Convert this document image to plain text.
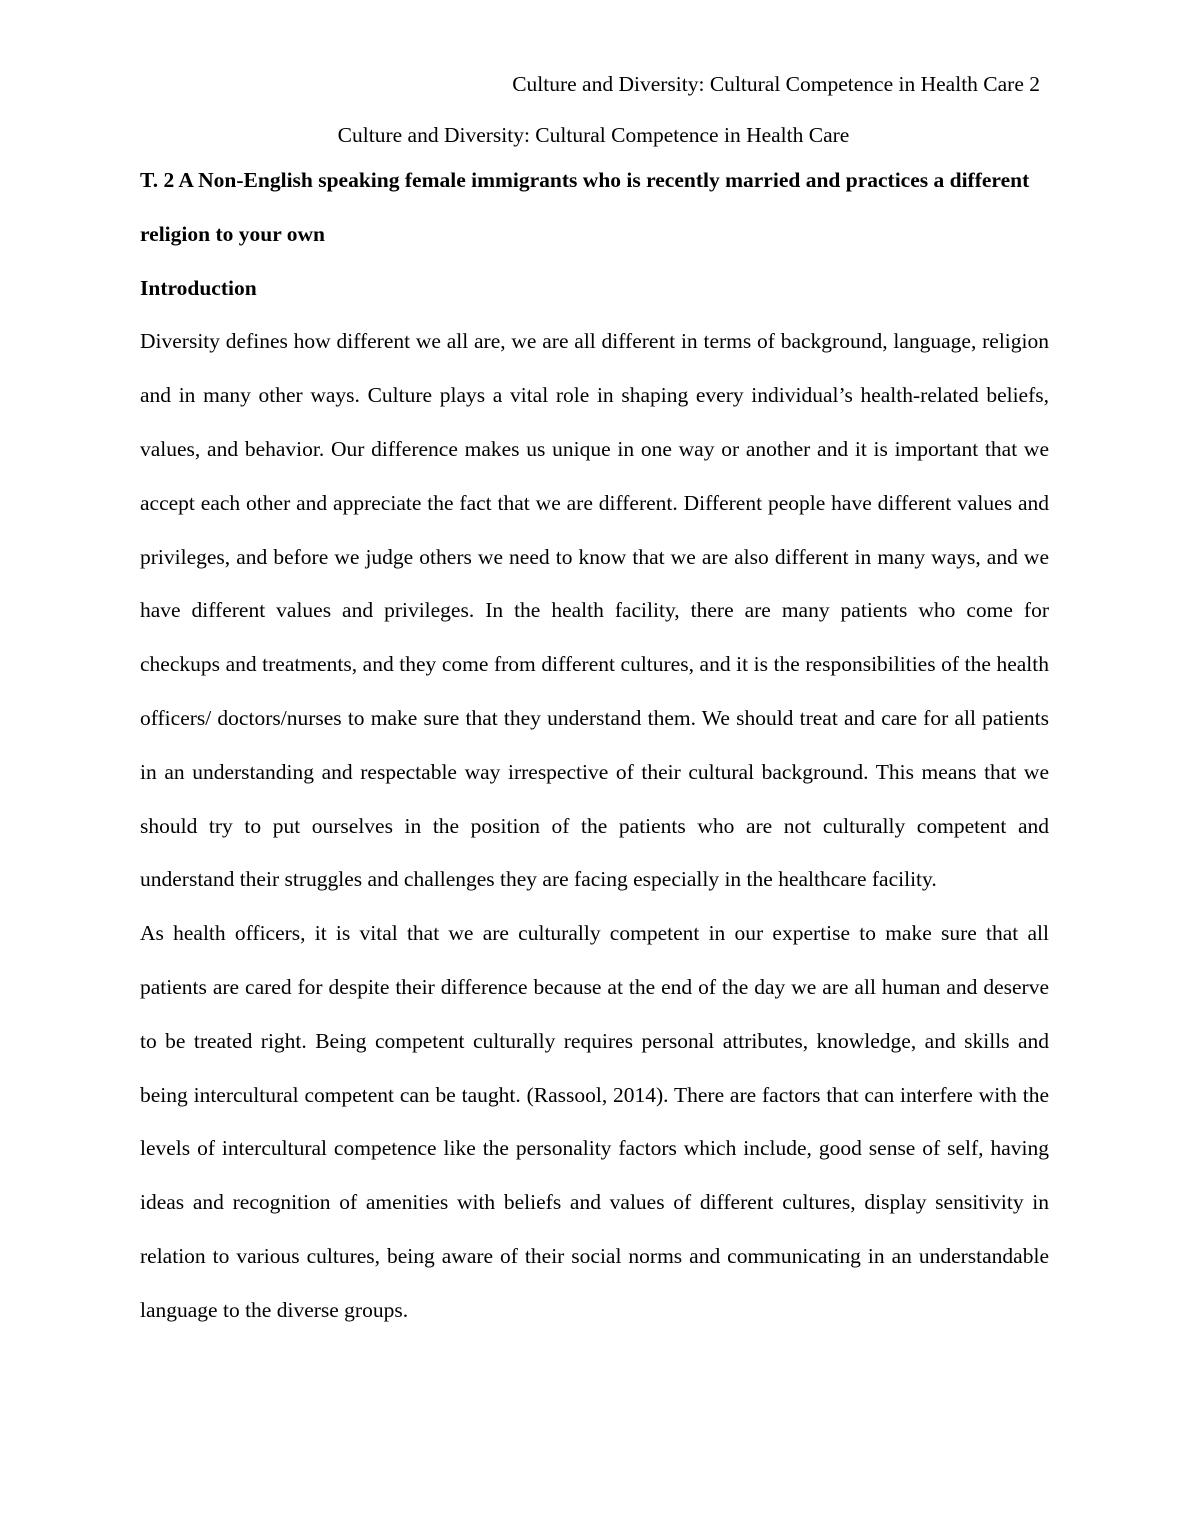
Culture and Diversity: Cultural Competence in Health Care 2
Culture and Diversity: Cultural Competence in Health Care
T. 2 A Non-English speaking female immigrants who is recently married and practices a different religion to your own
Introduction

Diversity defines how different we all are, we are all different in terms of background, language, religion and in many other ways. Culture plays a vital role in shaping every individual’s health-related beliefs, values, and behavior. Our difference makes us unique in one way or another and it is important that we accept each other and appreciate the fact that we are different. Different people have different values and privileges, and before we judge others we need to know that we are also different in many ways, and we have different values and privileges. In the health facility, there are many patients who come for checkups and treatments, and they come from different cultures, and it is the responsibilities of the health officers/ doctors/nurses to make sure that they understand them. We should treat and care for all patients in an understanding and respectable way irrespective of their cultural background. This means that we should try to put ourselves in the position of the patients who are not culturally competent and understand their struggles and challenges they are facing especially in the healthcare facility.

As health officers, it is vital that we are culturally competent in our expertise to make sure that all patients are cared for despite their difference because at the end of the day we are all human and deserve to be treated right. Being competent culturally requires personal attributes, knowledge, and skills and being intercultural competent can be taught. (Rassool, 2014). There are factors that can interfere with the levels of intercultural competence like the personality factors which include, good sense of self, having ideas and recognition of amenities with beliefs and values of different cultures, display sensitivity in relation to various cultures, being aware of their social norms and communicating in an understandable language to the diverse groups.
